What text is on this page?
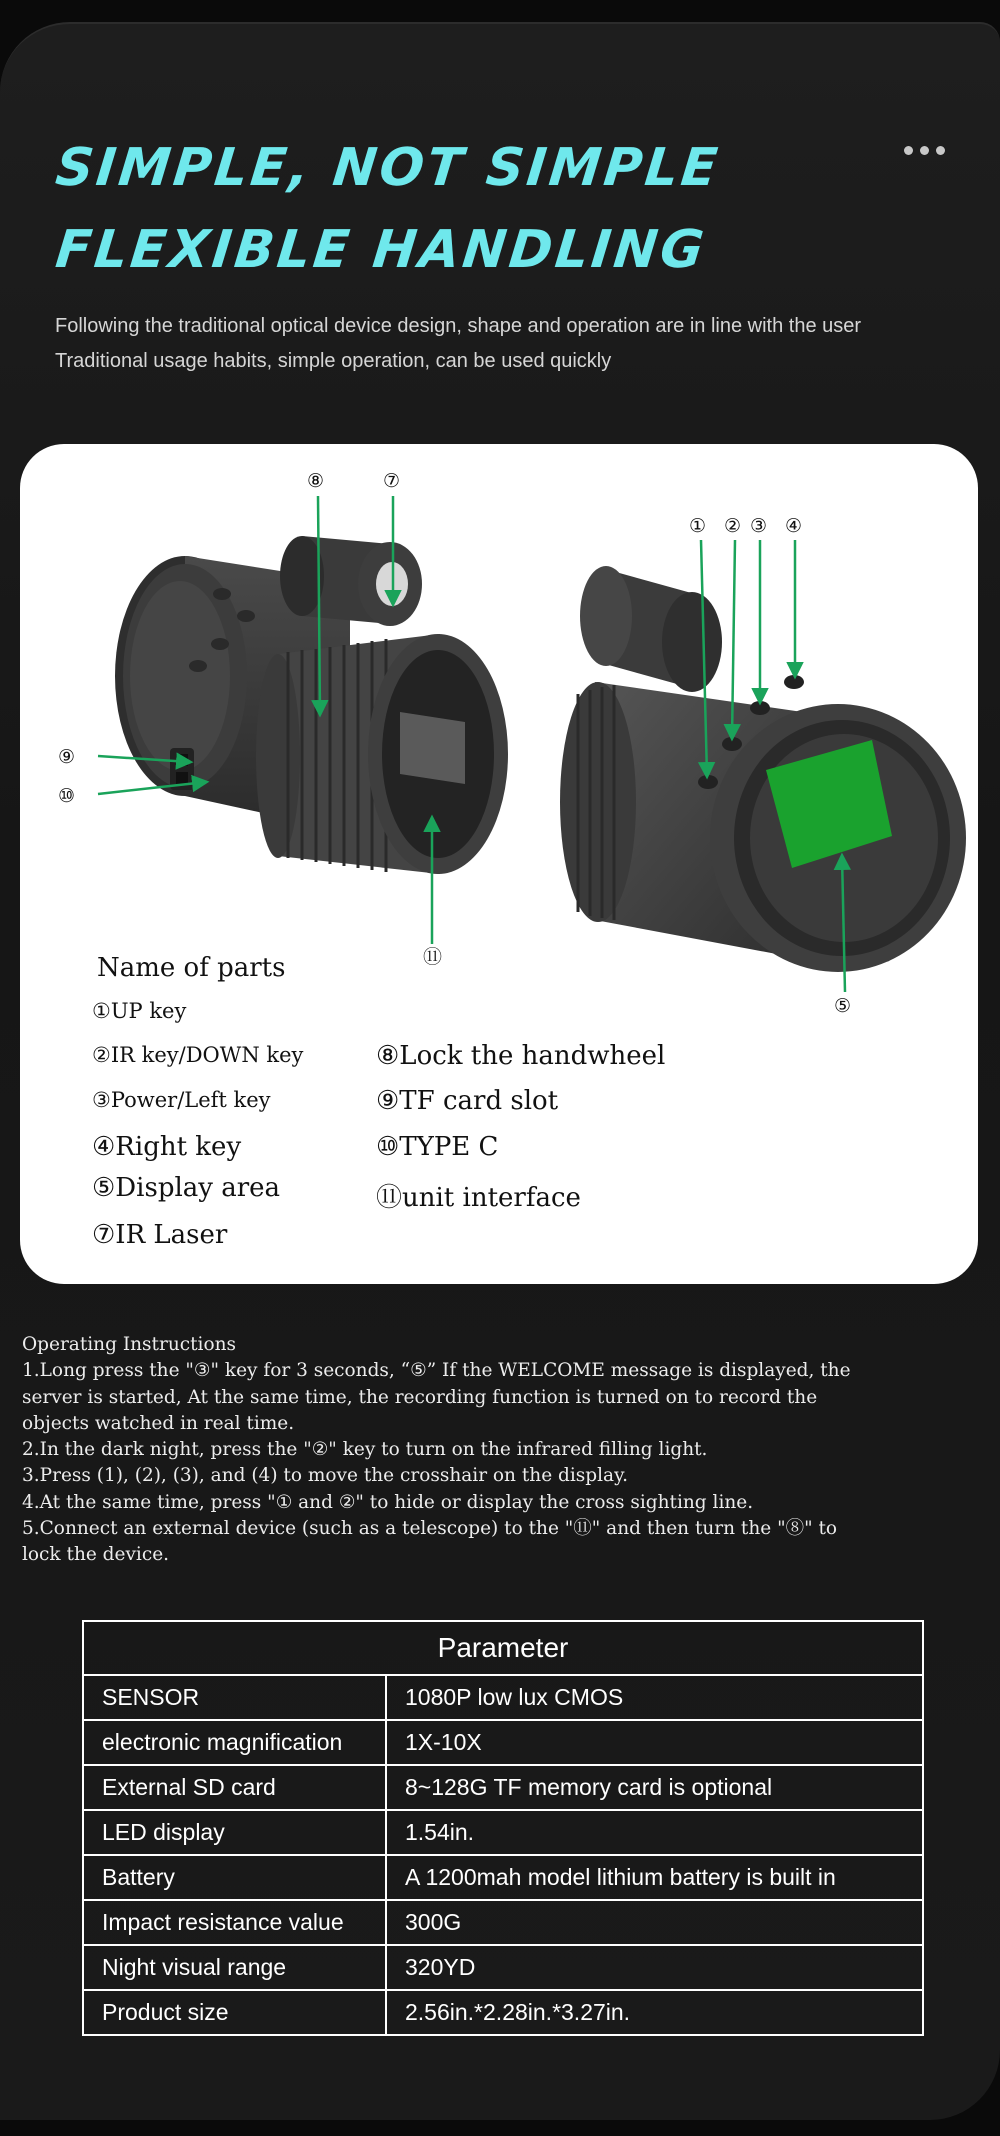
SIMPLE, NOT SIMPLE
FLEXIBLE HANDLING
Following the traditional optical device design, shape and operation are in line with the user
Traditional usage habits, simple operation, can be used quickly
⑧	⑦
⑨
⑩
⑪
① ② ③ ④
⑤
Name of parts
①UP key
②IR key/DOWN key
③Power/Left key
④Right key
⑤Display area
⑦IR Laser
⑧Lock the handwheel
⑨TF card slot
⑩TYPE C
⑪unit interface
Operating Instructions
1.Long press the "③" key for 3 seconds, “⑤” If the WELCOME message is displayed, the
server is started, At the same time, the recording function is turned on to record the
objects watched in real time.
2.In the dark night, press the "②" key to turn on the infrared filling light.
3.Press (1), (2), (3), and (4) to move the crosshair on the display.
4.At the same time, press "① and ②" to hide or display the cross sighting line.
5.Connect an external device (such as a telescope) to the "⑪" and then turn the "⑧" to
lock the device.
Parameter	
SENSOR	1080P low lux CMOS
electronic magnification	1X-10X
External SD card	8~128G TF memory card is optional
LED display	1.54in.
Battery	A 1200mah model lithium battery is built in
Impact resistance value	300G
Night visual range	320YD
Product size	2.56in.*2.28in.*3.27in.
